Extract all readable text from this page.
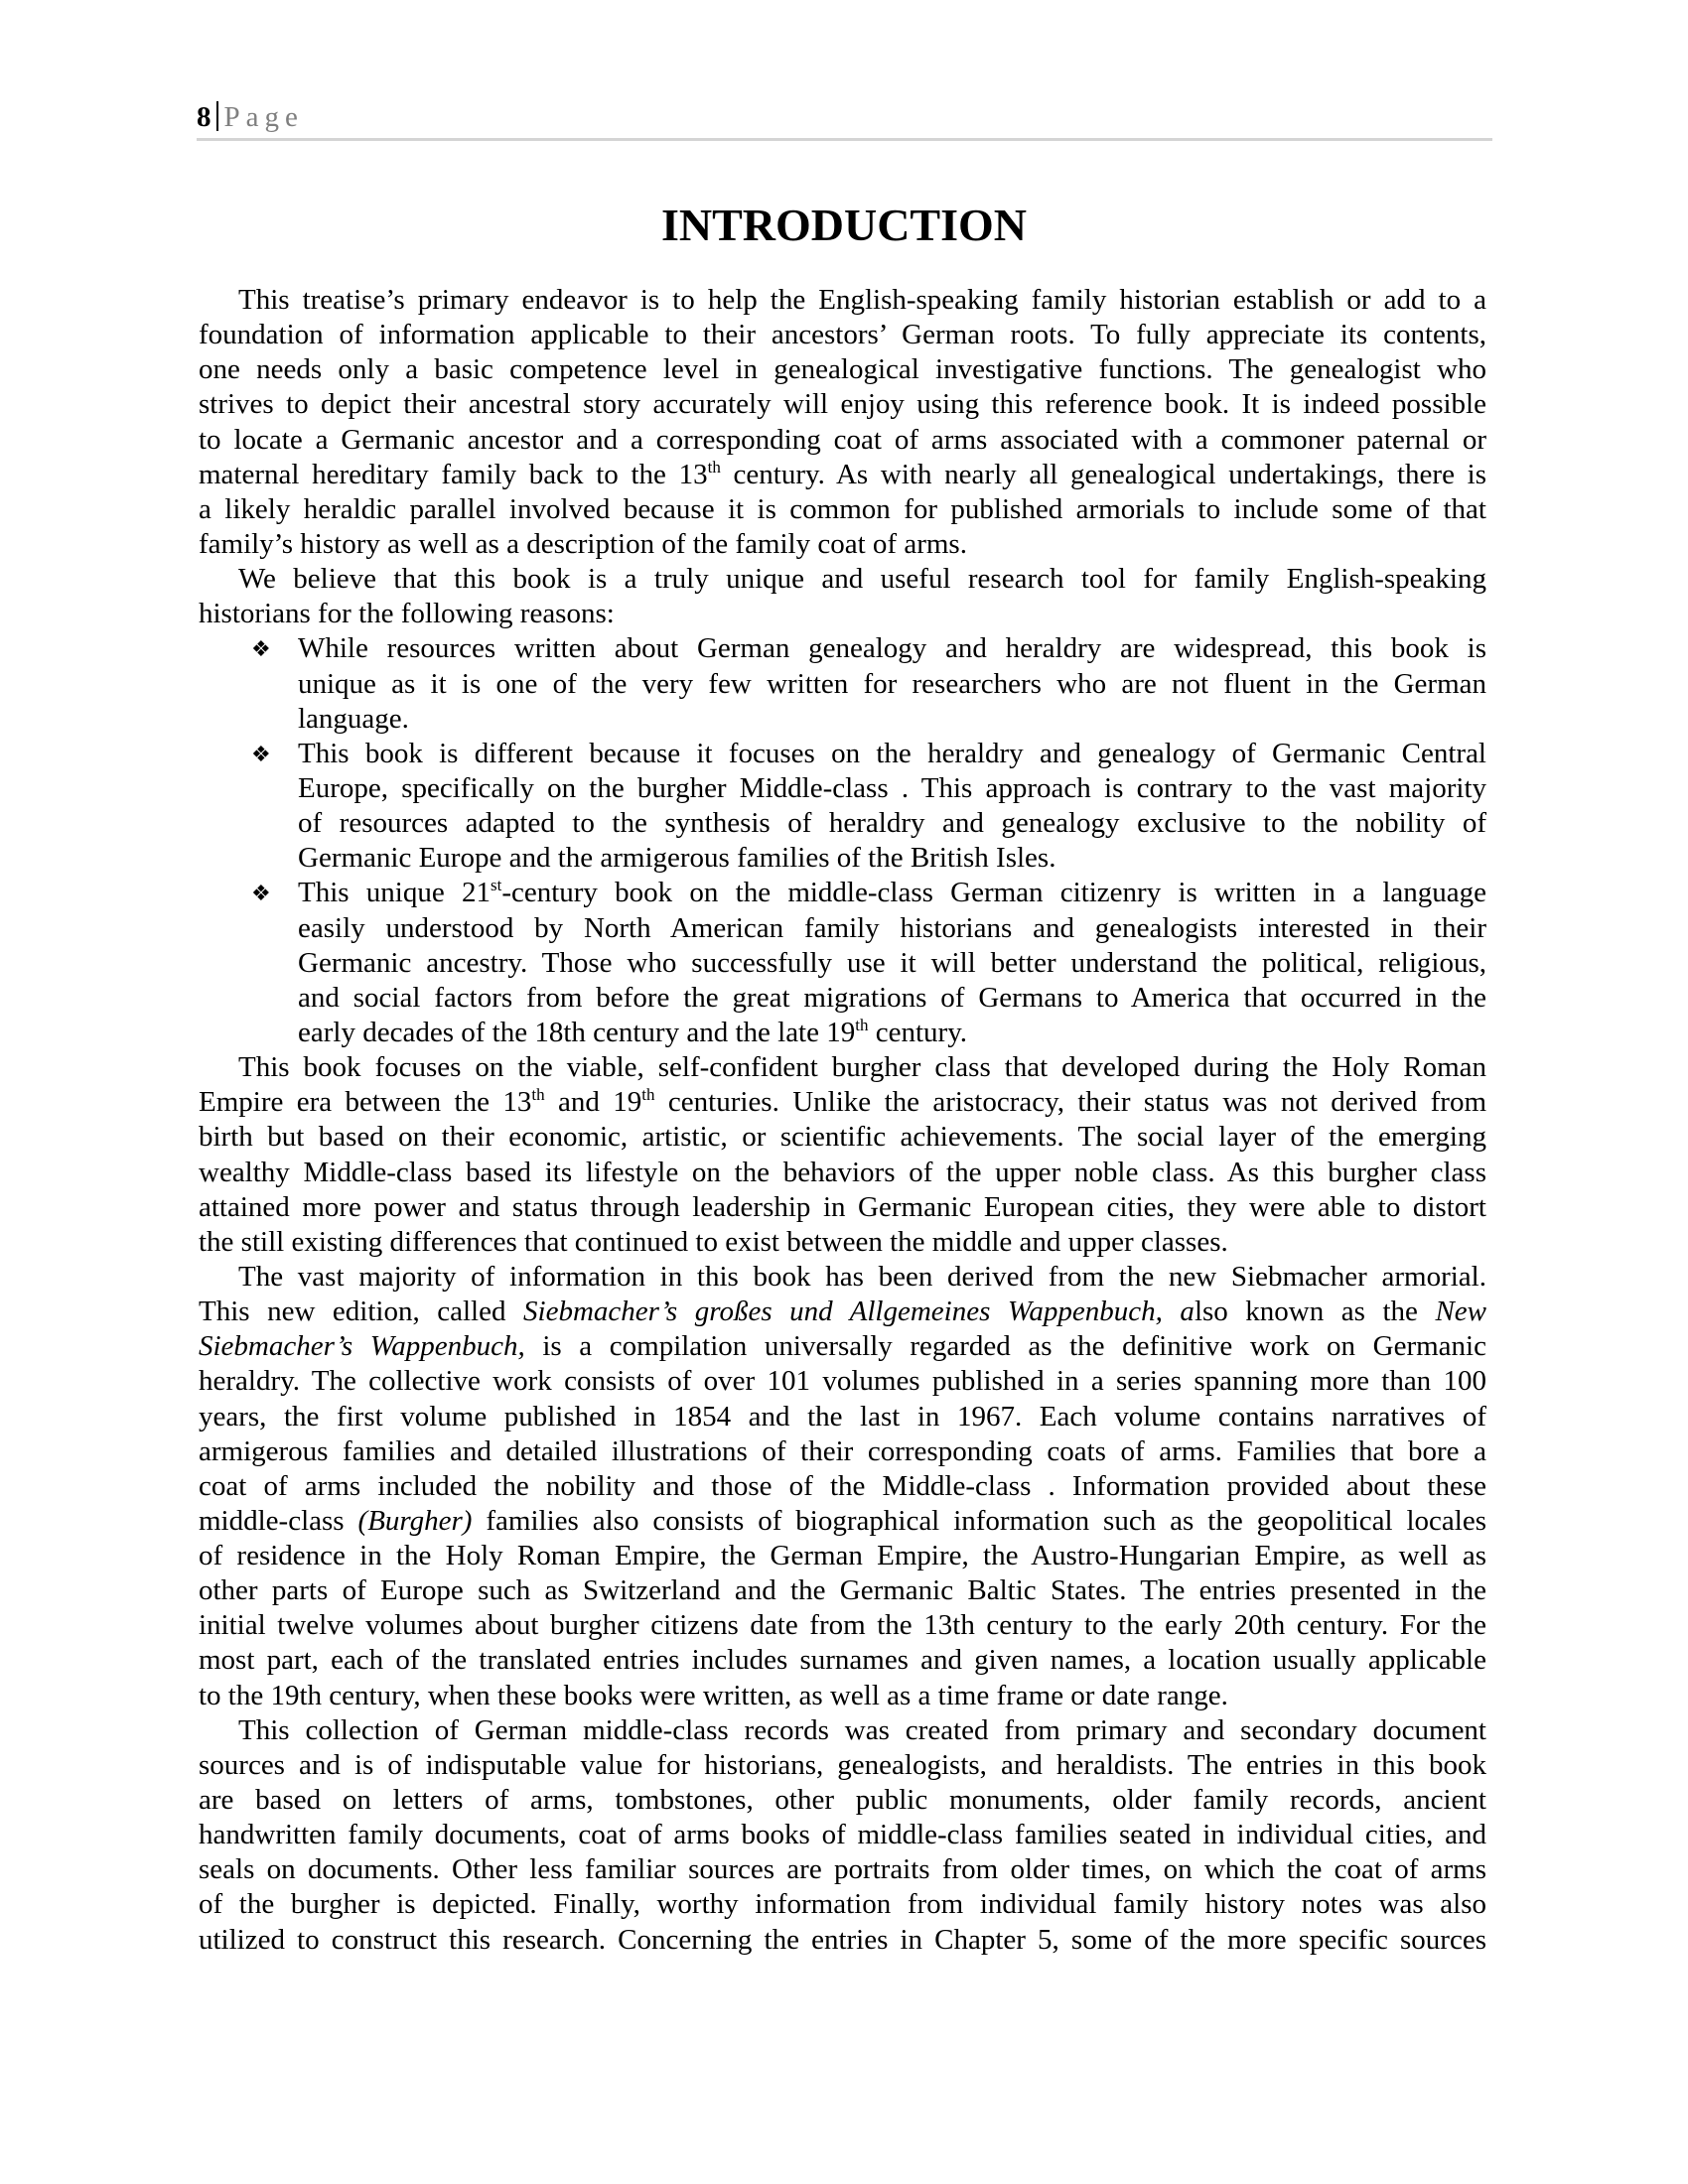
8 Page
INTRODUCTION
This treatise’s primary endeavor is to help the English-speaking family historian establish or add to a
foundation of information applicable to their ancestors’ German roots. To fully appreciate its contents,
one needs only a basic competence level in genealogical investigative functions. The genealogist who
strives to depict their ancestral story accurately will enjoy using this reference book. It is indeed possible
to locate a Germanic ancestor and a corresponding coat of arms associated with a commoner paternal or
maternal hereditary family back to the 13th century. As with nearly all genealogical undertakings, there is
a likely heraldic parallel involved because it is common for published armorials to include some of that
family’s history as well as a description of the family coat of arms.
We believe that this book is a truly unique and useful research tool for family English-speaking
historians for the following reasons:
❖ While resources written about German genealogy and heraldry are widespread, this book is
unique as it is one of the very few written for researchers who are not fluent in the German
language.
❖ This book is different because it focuses on the heraldry and genealogy of Germanic Central
Europe, specifically on the burgher Middle-class . This approach is contrary to the vast majority
of resources adapted to the synthesis of heraldry and genealogy exclusive to the nobility of
Germanic Europe and the armigerous families of the British Isles.
❖ This unique 21st-century book on the middle-class German citizenry is written in a language
easily understood by North American family historians and genealogists interested in their
Germanic ancestry. Those who successfully use it will better understand the political, religious,
and social factors from before the great migrations of Germans to America that occurred in the
early decades of the 18th century and the late 19th century.
This book focuses on the viable, self-confident burgher class that developed during the Holy Roman
Empire era between the 13th and 19th centuries. Unlike the aristocracy, their status was not derived from
birth but based on their economic, artistic, or scientific achievements. The social layer of the emerging
wealthy Middle-class based its lifestyle on the behaviors of the upper noble class. As this burgher class
attained more power and status through leadership in Germanic European cities, they were able to distort
the still existing differences that continued to exist between the middle and upper classes.
The vast majority of information in this book has been derived from the new Siebmacher armorial.
This new edition, called Siebmacher’s großes und Allgemeines Wappenbuch, also known as the New
Siebmacher’s Wappenbuch, is a compilation universally regarded as the definitive work on Germanic
heraldry. The collective work consists of over 101 volumes published in a series spanning more than 100
years, the first volume published in 1854 and the last in 1967. Each volume contains narratives of
armigerous families and detailed illustrations of their corresponding coats of arms. Families that bore a
coat of arms included the nobility and those of the Middle-class . Information provided about these
middle-class (Burgher) families also consists of biographical information such as the geopolitical locales
of residence in the Holy Roman Empire, the German Empire, the Austro-Hungarian Empire, as well as
other parts of Europe such as Switzerland and the Germanic Baltic States. The entries presented in the
initial twelve volumes about burgher citizens date from the 13th century to the early 20th century. For the
most part, each of the translated entries includes surnames and given names, a location usually applicable
to the 19th century, when these books were written, as well as a time frame or date range.
This collection of German middle-class records was created from primary and secondary document
sources and is of indisputable value for historians, genealogists, and heraldists. The entries in this book
are based on letters of arms, tombstones, other public monuments, older family records, ancient
handwritten family documents, coat of arms books of middle-class families seated in individual cities, and
seals on documents. Other less familiar sources are portraits from older times, on which the coat of arms
of the burgher is depicted. Finally, worthy information from individual family history notes was also
utilized to construct this research. Concerning the entries in Chapter 5, some of the more specific sources
